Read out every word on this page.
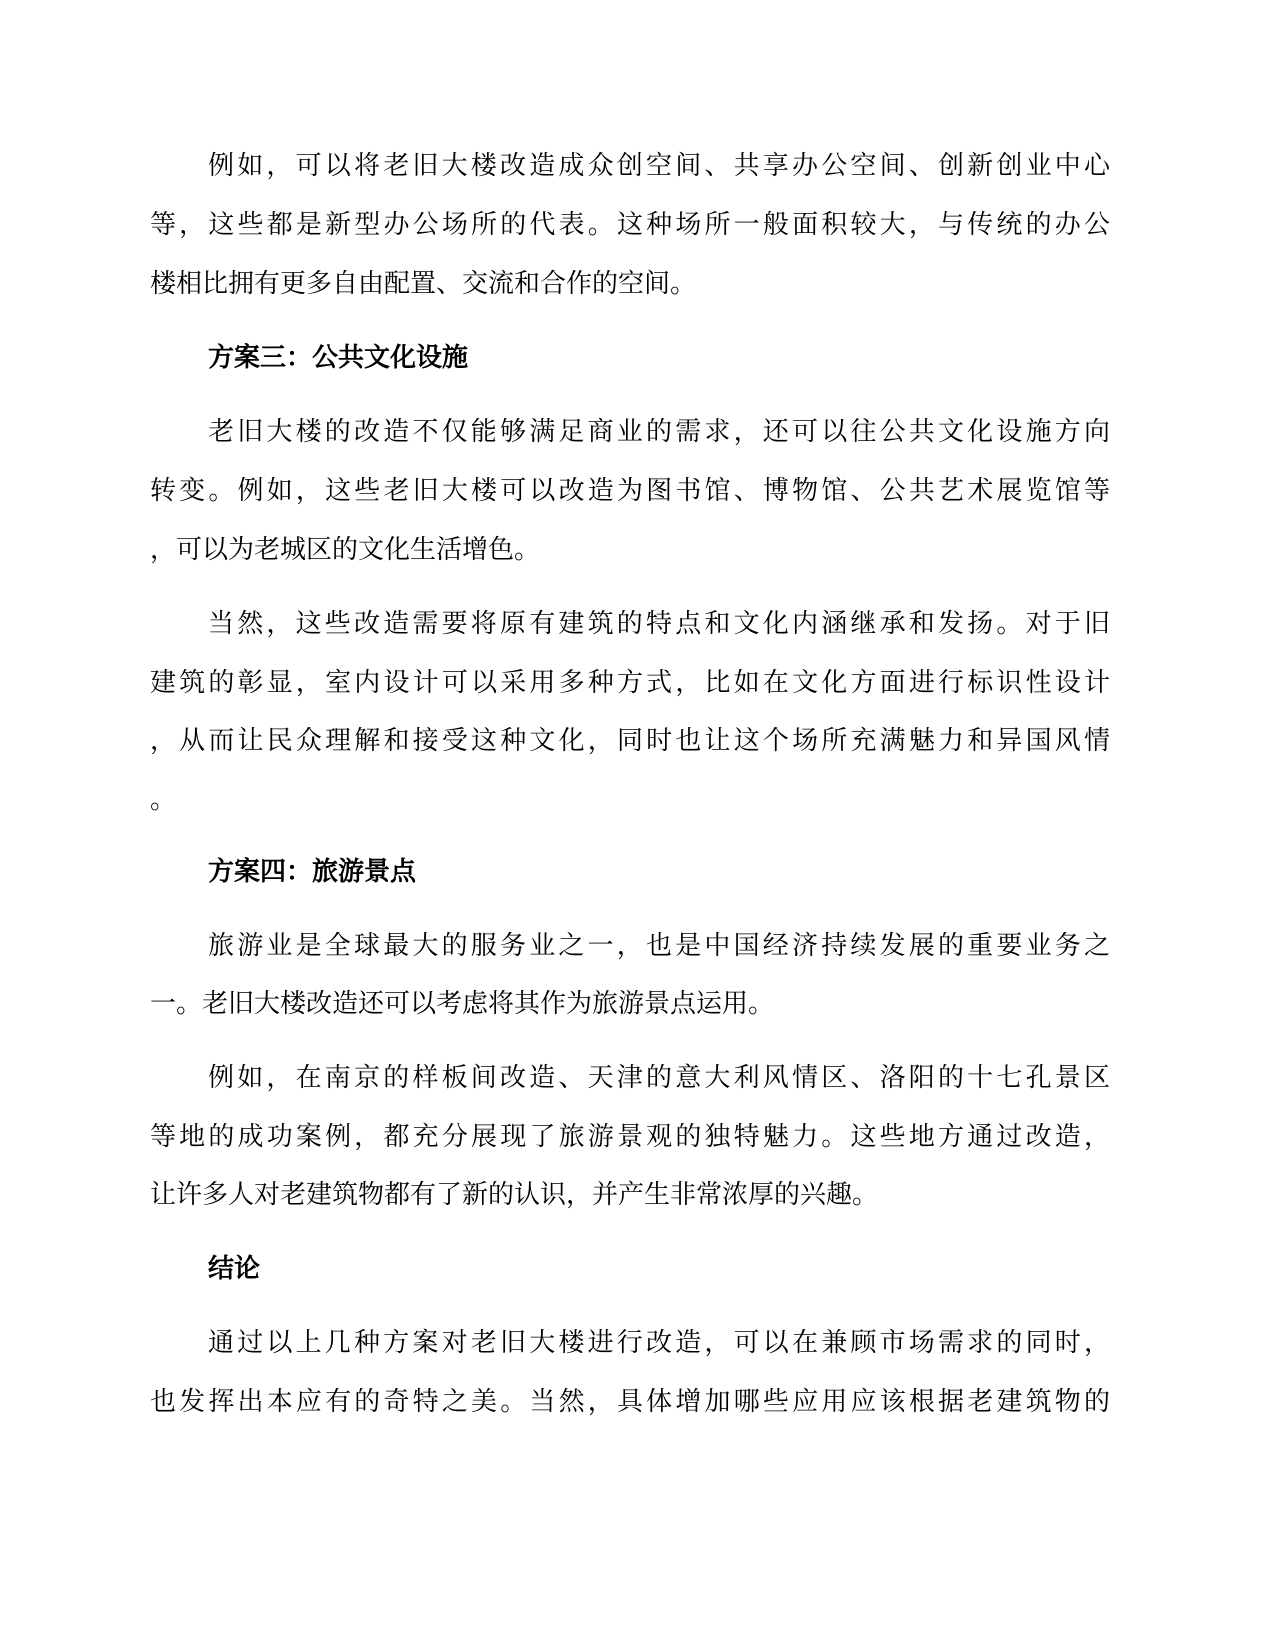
例如，可以将老旧大楼改造成众创空间、共享办公空间、创新创业中心
等，这些都是新型办公场所的代表。这种场所一般面积较大，与传统的办公
楼相比拥有更多自由配置、交流和合作的空间。
方案三：公共文化设施
老旧大楼的改造不仅能够满足商业的需求，还可以往公共文化设施方向
转变。例如，这些老旧大楼可以改造为图书馆、博物馆、公共艺术展览馆等
，可以为老城区的文化生活增色。
当然，这些改造需要将原有建筑的特点和文化内涵继承和发扬。对于旧
建筑的彰显，室内设计可以采用多种方式，比如在文化方面进行标识性设计
，从而让民众理解和接受这种文化，同时也让这个场所充满魅力和异国风情
。
方案四：旅游景点
旅游业是全球最大的服务业之一，也是中国经济持续发展的重要业务之
一。老旧大楼改造还可以考虑将其作为旅游景点运用。
例如，在南京的样板间改造、天津的意大利风情区、洛阳的十七孔景区
等地的成功案例，都充分展现了旅游景观的独特魅力。这些地方通过改造，
让许多人对老建筑物都有了新的认识，并产生非常浓厚的兴趣。
结论
通过以上几种方案对老旧大楼进行改造，可以在兼顾市场需求的同时，
也发挥出本应有的奇特之美。当然，具体增加哪些应用应该根据老建筑物的
